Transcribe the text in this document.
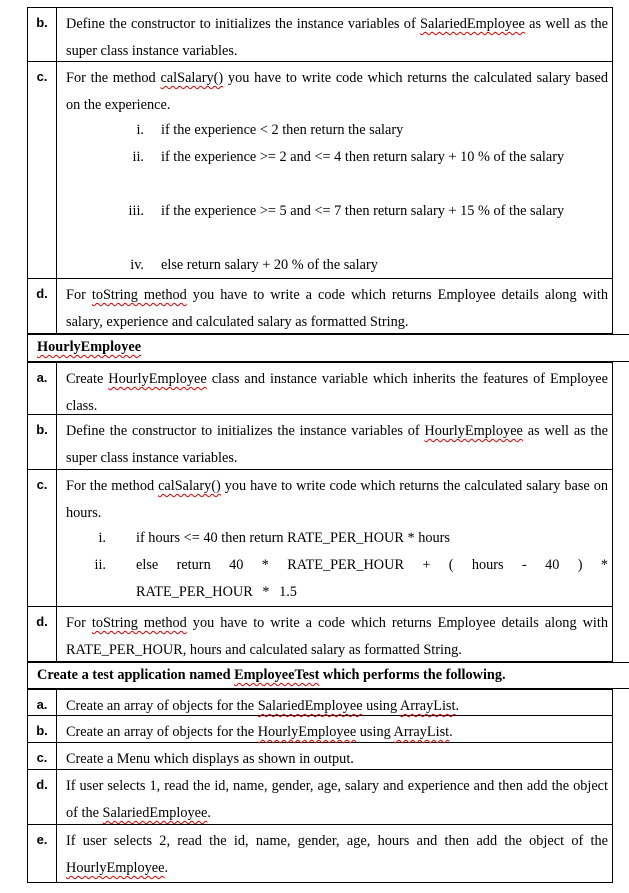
b.	Define the constructor to initializes the instance variables of SalariedEmployee as well as the super class instance variables.
c.	For the method calSalary() you have to write code which returns the calculated salary based on the experience.
i. if the experience < 2 then return the salary
ii. if the experience >= 2 and <= 4 then return salary + 10 % of the salary
iii. if the experience >= 5 and <= 7 then return salary + 15 % of the salary
iv. else return salary + 20 % of the salary
d.	For toString method you have to write a code which returns Employee details along with salary, experience and calculated salary as formatted String.
HourlyEmployee
a.	Create HourlyEmployee class and instance variable which inherits the features of Employee class.
b.	Define the constructor to initializes the instance variables of HourlyEmployee as well as the super class instance variables.
c.	For the method calSalary() you have to write code which returns the calculated salary base on hours.
i. if hours <= 40 then return RATE_PER_HOUR * hours
ii. else return 40 * RATE_PER_HOUR + ( hours - 40 ) * RATE_PER_HOUR * 1.5
d.	For toString method you have to write a code which returns Employee details along with RATE_PER_HOUR, hours and calculated salary as formatted String.
Create a test application named EmployeeTest which performs the following.
a.	Create an array of objects for the SalariedEmployee using ArrayList.
b.	Create an array of objects for the HourlyEmployee using ArrayList.
c.	Create a Menu which displays as shown in output.
d.	If user selects 1, read the id, name, gender, age, salary and experience and then add the object of the SalariedEmployee.
e.	If user selects 2, read the id, name, gender, age, hours and then add the object of the HourlyEmployee.
